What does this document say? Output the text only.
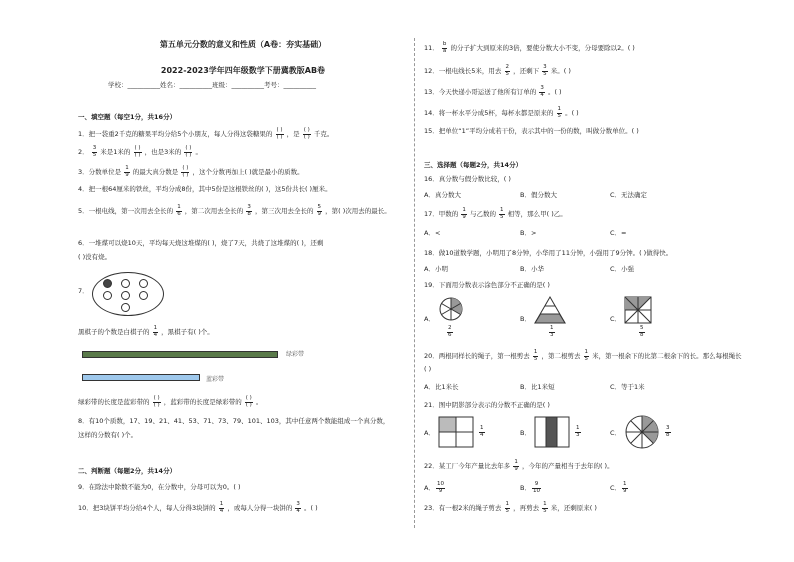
第五单元分数的意义和性质（A卷：夯实基础）
2022-2023学年四年级数学下册冀教版AB卷
学校：__________姓名：__________班级：__________考号：__________
一、填空题（每空1分，共16分）
1．把一袋重2千克的糖果平均分给5个小朋友，每人分得这袋糖果的 $\frac{( )}{( )}$ ，是 $\frac{( )}{( )}$ 千克。
2． $\frac{3}{5}$ 米是1米的 $\frac{( )}{( )}$ ，也是3米的 $\frac{( )}{( )}$ 。
3．分数单位是 $\frac{1}{9}$ 的最大真分数是 $\frac{( )}{( )}$ ，这个分数再加上( )就是最小的质数。
4．把一根64厘米的铁丝，平均分成8份，其中5份是这根铁丝的( )，这5份共长( )厘米。
5．一根电线，第一次用去全长的 $\frac{1}{6}$ ，第二次用去全长的 $\frac{3}{8}$ ，第三次用去全长的 $\frac{5}{9}$ ，第( )次用去的最长。
6．一堆煤可以烧10天，平均每天烧这堆煤的( )，烧了7天，共烧了这堆煤的( )，还剩
( )没有烧。
7．
黑棋子的个数是白棋子的 $\frac{1}{4}$ ，黑棋子有( )个。
绿彩带
蓝彩带
绿彩带的长度是蓝彩带的 $\frac{( )}{( )}$ ，蓝彩带的长度是绿彩带的 $\frac{( )}{( )}$ 。
8．有10个质数，17、19、21、41、53、71、73、79、101、103，其中任意两个数能组成一个真分数，
这样的分数有( )个。
二、判断题（每题2分，共14分）
9．在除法中除数不能为0，在分数中，分母可以为0。( )
10．把3块饼平均分给4个人，每人分得3块饼的 $\frac{1}{4}$ ，或每人分得一块饼的 $\frac{3}{4}$ 。( )
11． $\frac{b}{a}$ 的分子扩大到原来的3倍，要使分数大小不变，分母要除以2。( )
12．一根电线长5米，用去 $\frac{2}{5}$ ，还剩下 $\frac{3}{5}$ 米。( )
13．今天快递小哥运送了他所有订单的 $\frac{3}{4}$ 。( )
14．将一杯水平分成5杯，每杯水都是原来的 $\frac{1}{5}$ 。( )
15．把单位“1”平均分成若干份，表示其中的一份的数，叫做分数单位。( )
三、选择题（每题2分，共14分）
16．真分数与假分数比较，( )
A．真分数大	B．假分数大	C．无法确定
17．甲数的 $\frac{1}{9}$ 与乙数的 $\frac{1}{5}$ 相等，那么甲( )乙。
A．<	B．>	C．=
18．做10道数学题，小明用了8分钟，小华用了11分钟，小强用了9分钟。( )做得快。
A．小明	B．小华	C．小强
19．下面用分数表示涂色部分不正确的是( )
A．
$\frac{2}{6}$
B．
$\frac{1}{3}$
C．
$\frac{5}{8}$
20．两根同样长的绳子，第一根剪去 $\frac{1}{5}$ ，第二根剪去 $\frac{1}{5}$ 米，第一根余下的比第二根余下的长。那么每根绳长
( )
A．比1米长	B．比1米短	C．等于1米
21．图中阴影部分表示的分数不正确的是( )
A．	$\frac{1}{4}$	B．	$\frac{1}{3}$	C．	$\frac{3}{8}$
22．某工厂今年产量比去年多 $\frac{1}{9}$ ，今年的产量相当于去年的( )。
A． $\frac{10}{9}$	B． $\frac{9}{10}$	C． $\frac{1}{9}$
23．有一根2米的绳子剪去 $\frac{1}{5}$ ，再剪去 $\frac{1}{5}$ 米，还剩原来( )
